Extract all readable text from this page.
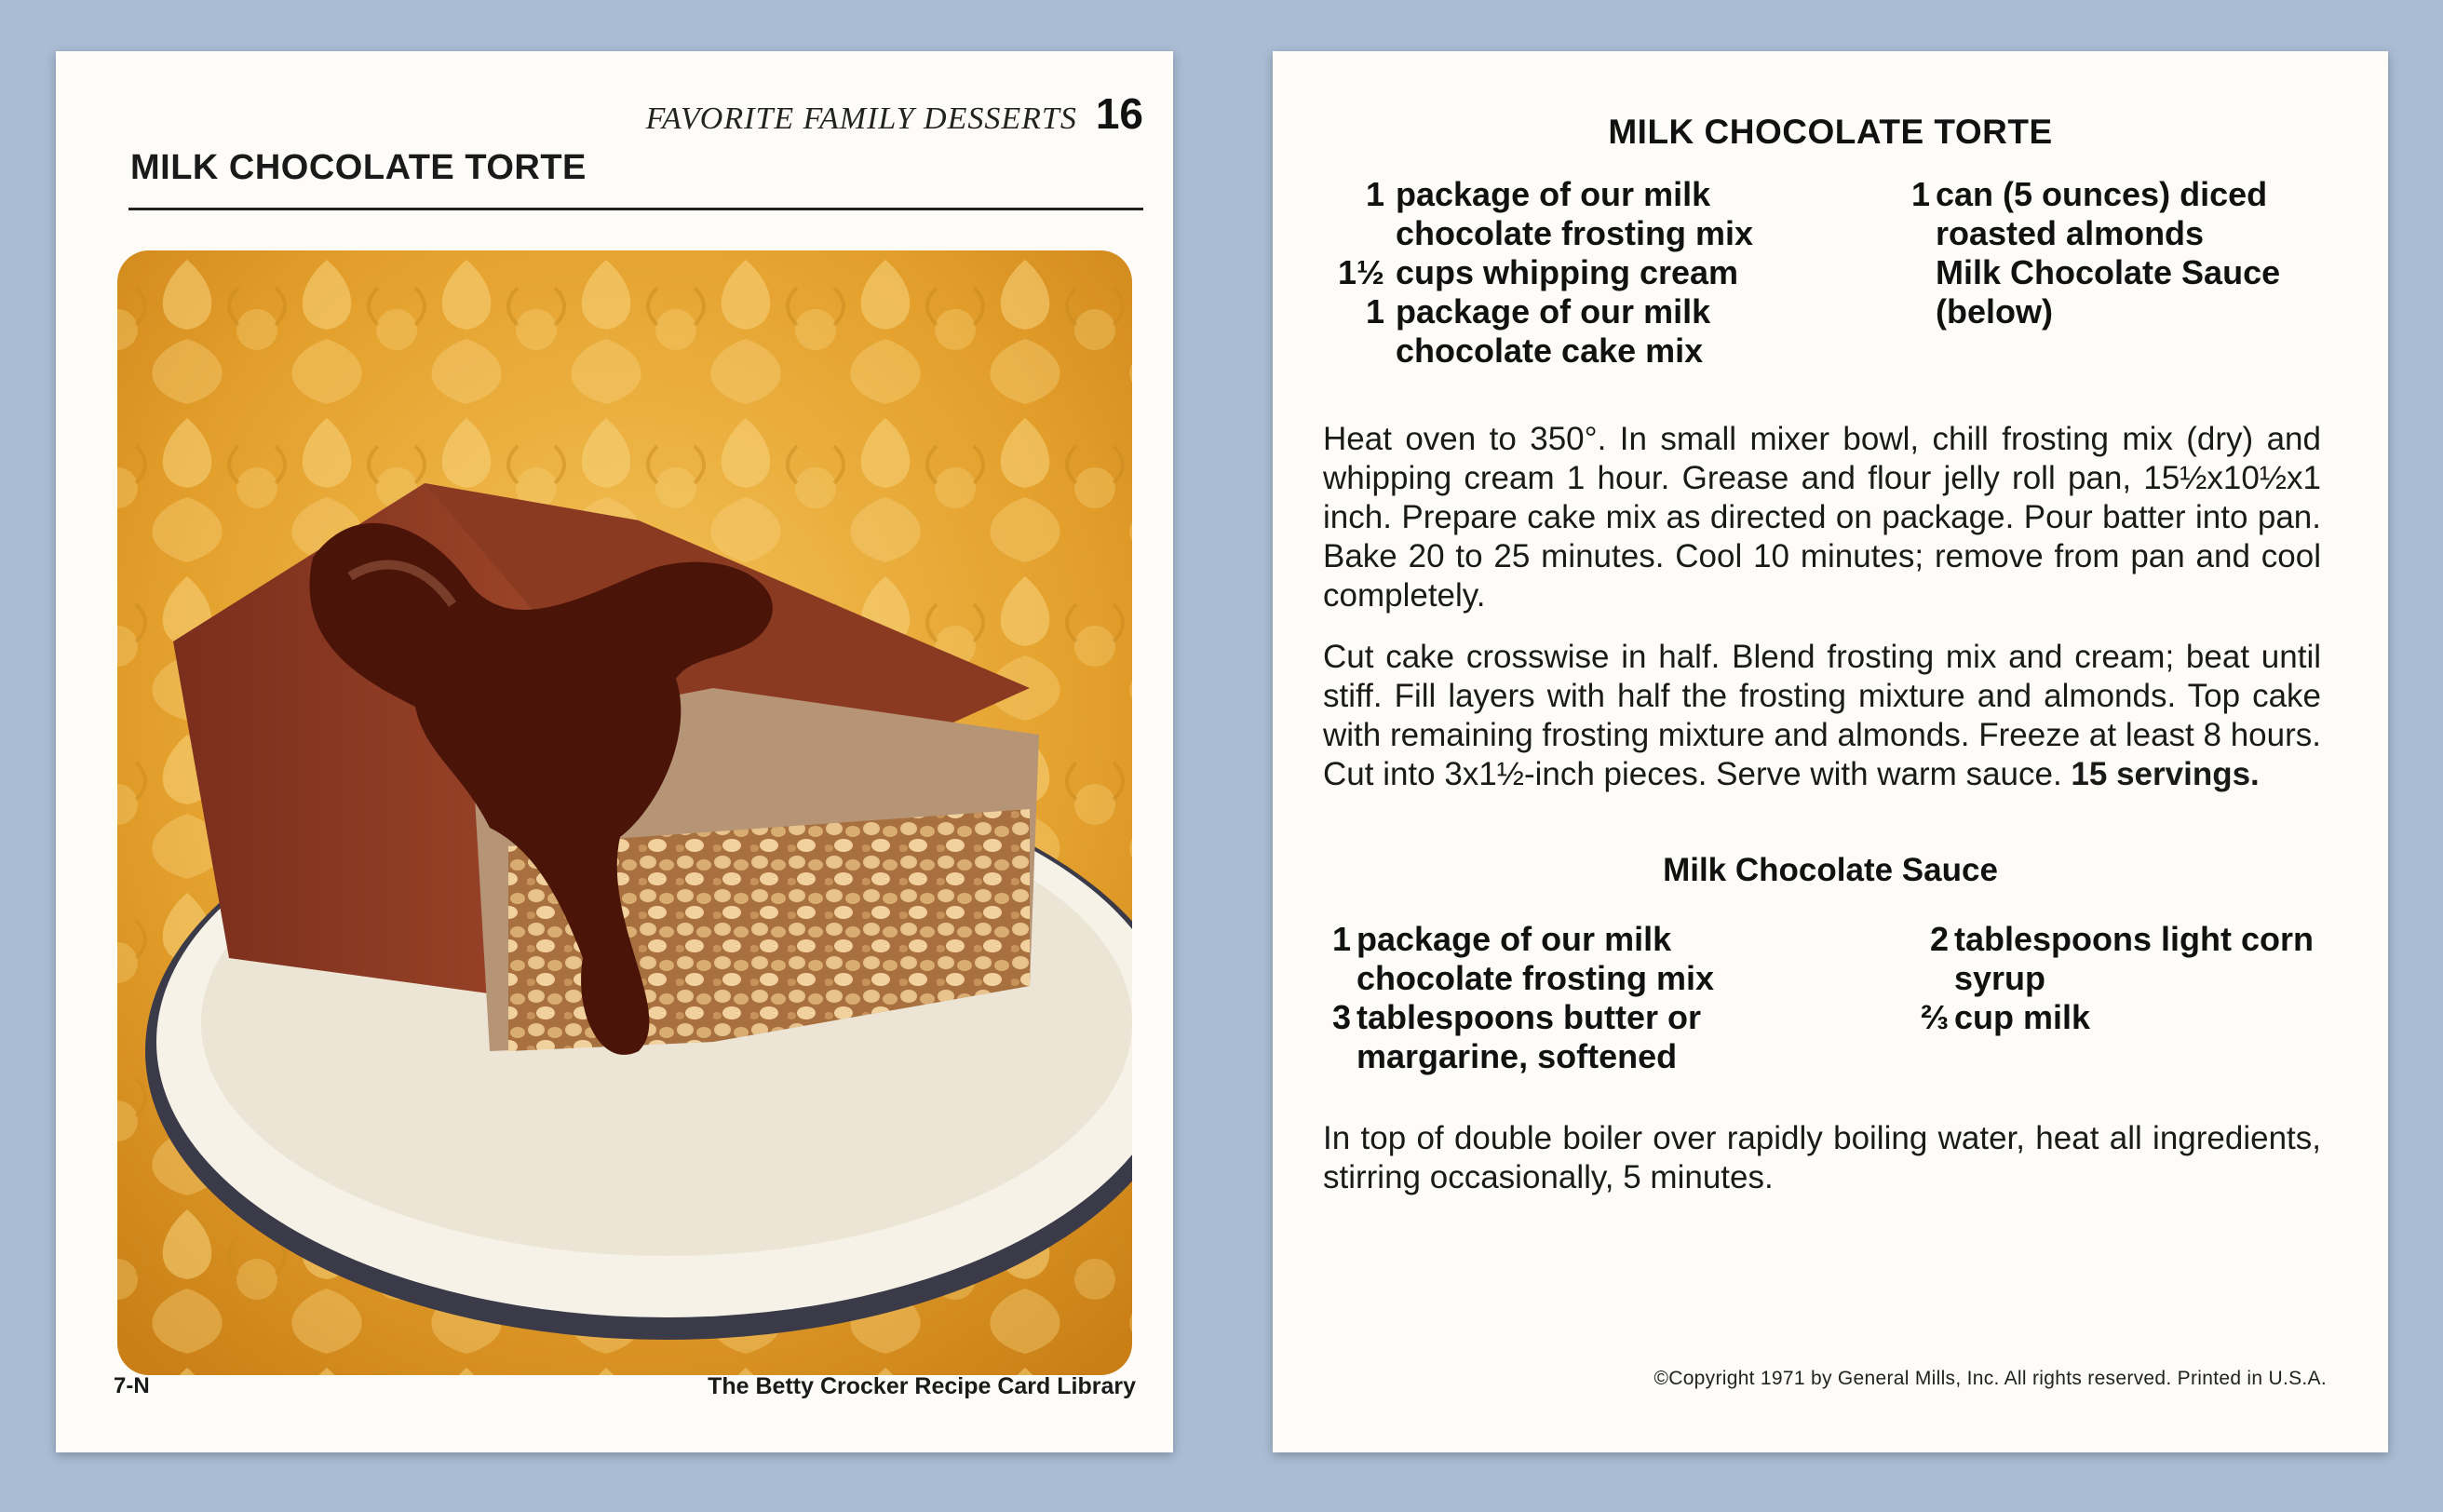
FAVORITE FAMILY DESSERTS 16
MILK CHOCOLATE TORTE
7-N	The Betty Crocker Recipe Card Library
MILK CHOCOLATE TORTE
1 package of our milk
chocolate frosting mix
1½ cups whipping cream
1 package of our milk
chocolate cake mix
1 can (5 ounces) diced
roasted almonds
Milk Chocolate Sauce
(below)

Heat oven to 350°. In small mixer bowl, chill frosting mix (dry) and whipping cream 1 hour. Grease and flour jelly roll pan, 15½x10½x1 inch. Prepare cake mix as directed on package. Pour batter into pan. Bake 20 to 25 minutes. Cool 10 minutes; remove from pan and cool completely.

Cut cake crosswise in half. Blend frosting mix and cream; beat until stiff. Fill layers with half the frosting mixture and almonds. Top cake with remaining frosting mixture and almonds. Freeze at least 8 hours. Cut into 3x1½-inch pieces. Serve with warm sauce. 15 servings.

Milk Chocolate Sauce
1 package of our milk
chocolate frosting mix
3 tablespoons butter or
margarine, softened
2 tablespoons light corn
syrup
⅔ cup milk

In top of double boiler over rapidly boiling water, heat all ingredients, stirring occasionally, 5 minutes.

©Copyright 1971 by General Mills, Inc. All rights reserved. Printed in U.S.A.
